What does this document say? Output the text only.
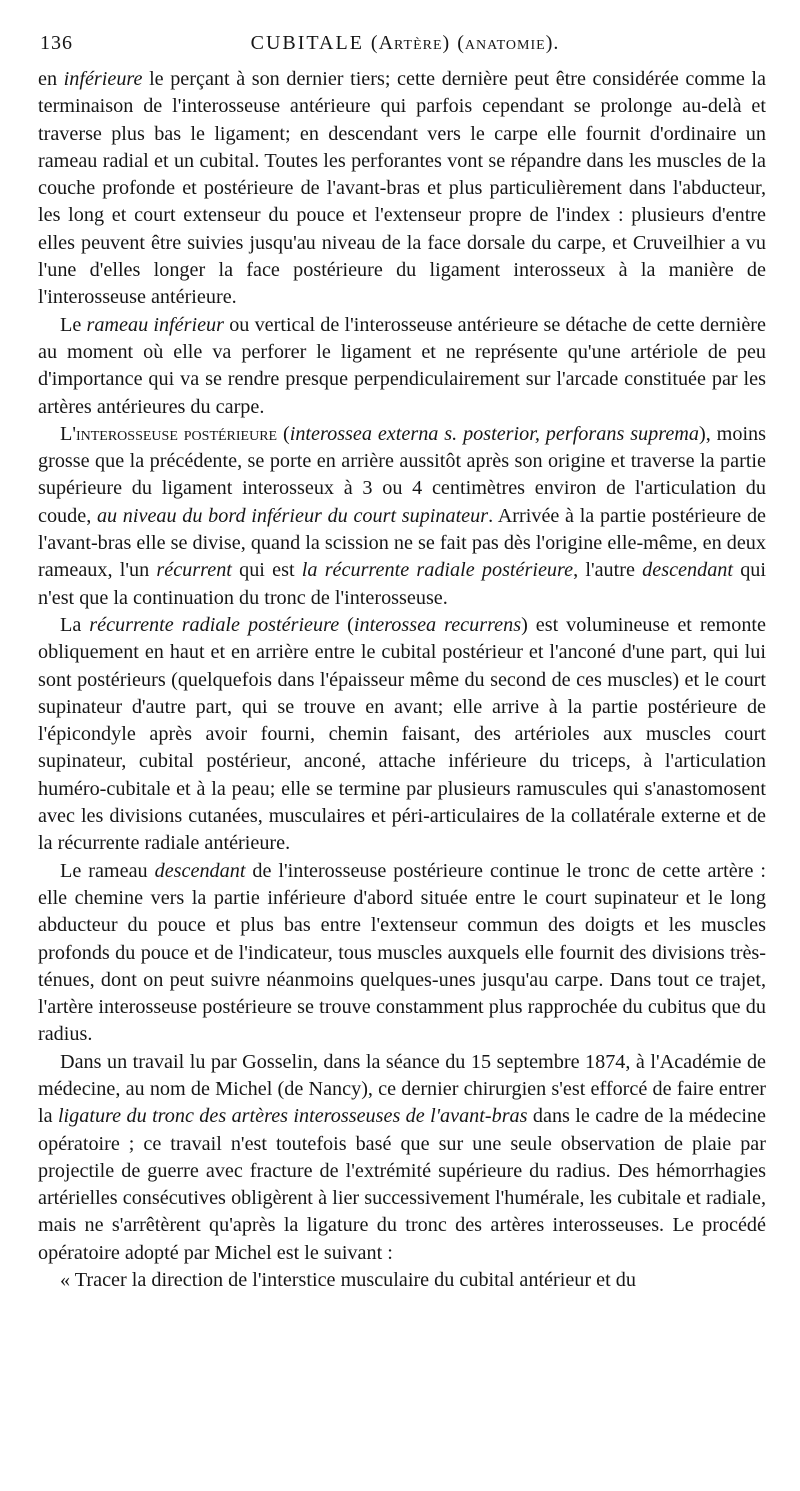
136	CUBITALE (Artère) (anatomie).

en inférieure le perçant à son dernier tiers; cette dernière peut être considérée comme la terminaison de l'interosseuse antérieure qui parfois cependant se prolonge au-delà et traverse plus bas le ligament; en descendant vers le carpe elle fournit d'ordinaire un rameau radial et un cubital. Toutes les perforantes vont se répandre dans les muscles de la couche profonde et postérieure de l'avant-bras et plus particulièrement dans l'abducteur, les long et court extenseur du pouce et l'extenseur propre de l'index : plusieurs d'entre elles peuvent être suivies jusqu'au niveau de la face dorsale du carpe, et Cruveilhier a vu l'une d'elles longer la face postérieure du ligament interosseux à la manière de l'interosseuse antérieure.

Le rameau inférieur ou vertical de l'interosseuse antérieure se détache de cette dernière au moment où elle va perforer le ligament et ne représente qu'une artériole de peu d'importance qui va se rendre presque perpendiculairement sur l'arcade constituée par les artères antérieures du carpe.

L'interosseuse postérieure (interossea externa s. posterior, perforans suprema), moins grosse que la précédente, se porte en arrière aussitôt après son origine et traverse la partie supérieure du ligament interosseux à 3 ou 4 centimètres environ de l'articulation du coude, au niveau du bord inférieur du court supinateur. Arrivée à la partie postérieure de l'avant-bras elle se divise, quand la scission ne se fait pas dès l'origine elle-même, en deux rameaux, l'un récurrent qui est la récurrente radiale postérieure, l'autre descendant qui n'est que la continuation du tronc de l'interosseuse.

La récurrente radiale postérieure (interossea recurrens) est volumineuse et remonte obliquement en haut et en arrière entre le cubital postérieur et l'anconé d'une part, qui lui sont postérieurs (quelquefois dans l'épaisseur même du second de ces muscles) et le court supinateur d'autre part, qui se trouve en avant; elle arrive à la partie postérieure de l'épicondyle après avoir fourni, chemin faisant, des artérioles aux muscles court supinateur, cubital postérieur, anconé, attache inférieure du triceps, à l'articulation huméro-cubitale et à la peau; elle se termine par plusieurs ramuscules qui s'anastomosent avec les divisions cutanées, musculaires et péri-articulaires de la collatérale externe et de la récurrente radiale antérieure.

Le rameau descendant de l'interosseuse postérieure continue le tronc de cette artère : elle chemine vers la partie inférieure d'abord située entre le court supinateur et le long abducteur du pouce et plus bas entre l'extenseur commun des doigts et les muscles profonds du pouce et de l'indicateur, tous muscles auxquels elle fournit des divisions très-ténues, dont on peut suivre néanmoins quelques-unes jusqu'au carpe. Dans tout ce trajet, l'artère interosseuse postérieure se trouve constamment plus rapprochée du cubitus que du radius.

Dans un travail lu par Gosselin, dans la séance du 15 septembre 1874, à l'Académie de médecine, au nom de Michel (de Nancy), ce dernier chirurgien s'est efforcé de faire entrer la ligature du tronc des artères interosseuses de l'avant-bras dans le cadre de la médecine opératoire ; ce travail n'est toutefois basé que sur une seule observation de plaie par projectile de guerre avec fracture de l'extrémité supérieure du radius. Des hémorrhagies artérielles consécutives obligèrent à lier successivement l'humérale, les cubitale et radiale, mais ne s'arrêtèrent qu'après la ligature du tronc des artères interosseuses. Le procédé opératoire adopté par Michel est le suivant :

« Tracer la direction de l'interstice musculaire du cubital antérieur et du
